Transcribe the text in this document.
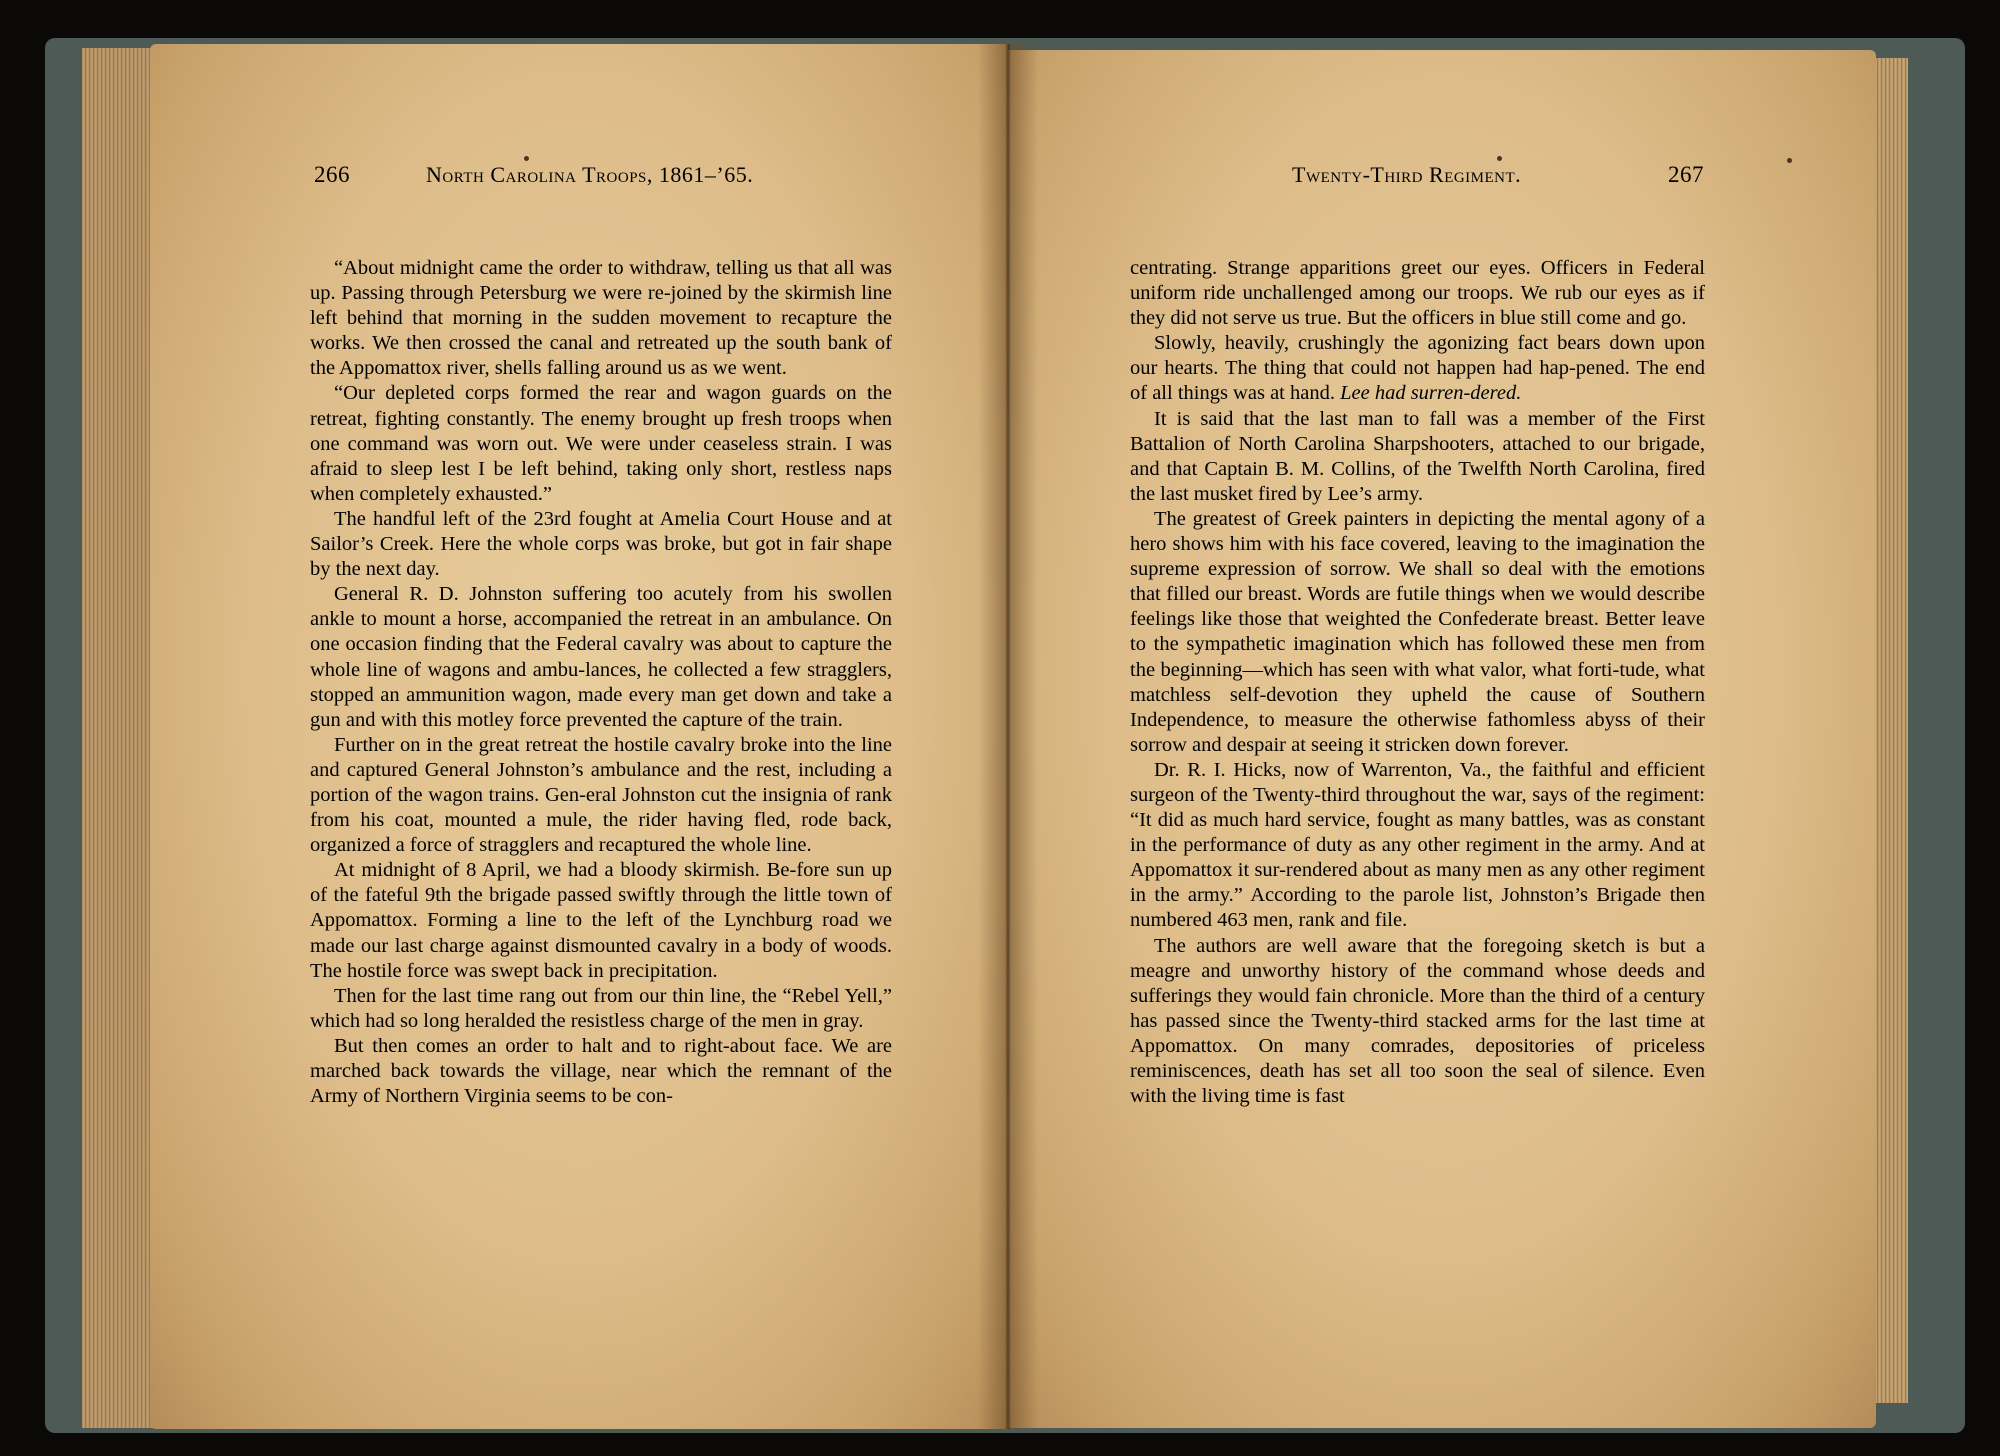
266	North Carolina Troops, 1861–’65.	Twenty-Third Regiment.	267

“About midnight came the order to withdraw, telling us that all was up. Passing through Petersburg we were re-joined by the skirmish line left behind that morning in the sudden movement to recapture the works. We then crossed the canal and retreated up the south bank of the Appomattox river, shells falling around us as we went.

“Our depleted corps formed the rear and wagon guards on the retreat, fighting constantly. The enemy brought up fresh troops when one command was worn out. We were under ceaseless strain. I was afraid to sleep lest I be left behind, taking only short, restless naps when completely exhausted.”

The handful left of the 23rd fought at Amelia Court House and at Sailor’s Creek. Here the whole corps was broke, but got in fair shape by the next day.

General R. D. Johnston suffering too acutely from his swollen ankle to mount a horse, accompanied the retreat in an ambulance. On one occasion finding that the Federal cavalry was about to capture the whole line of wagons and ambu-lances, he collected a few stragglers, stopped an ammunition wagon, made every man get down and take a gun and with this motley force prevented the capture of the train.

Further on in the great retreat the hostile cavalry broke into the line and captured General Johnston’s ambulance and the rest, including a portion of the wagon trains. Gen-eral Johnston cut the insignia of rank from his coat, mounted a mule, the rider having fled, rode back, organized a force of stragglers and recaptured the whole line.

At midnight of 8 April, we had a bloody skirmish. Be-fore sun up of the fateful 9th the brigade passed swiftly through the little town of Appomattox. Forming a line to the left of the Lynchburg road we made our last charge against dismounted cavalry in a body of woods. The hostile force was swept back in precipitation.

Then for the last time rang out from our thin line, the “Rebel Yell,” which had so long heralded the resistless charge of the men in gray.

But then comes an order to halt and to right-about face. We are marched back towards the village, near which the remnant of the Army of Northern Virginia seems to be con-

centrating. Strange apparitions greet our eyes. Officers in Federal uniform ride unchallenged among our troops. We rub our eyes as if they did not serve us true. But the officers in blue still come and go.

Slowly, heavily, crushingly the agonizing fact bears down upon our hearts. The thing that could not happen had hap-pened. The end of all things was at hand. Lee had surren-dered.

It is said that the last man to fall was a member of the First Battalion of North Carolina Sharpshooters, attached to our brigade, and that Captain B. M. Collins, of the Twelfth North Carolina, fired the last musket fired by Lee’s army.

The greatest of Greek painters in depicting the mental agony of a hero shows him with his face covered, leaving to the imagination the supreme expression of sorrow. We shall so deal with the emotions that filled our breast. Words are futile things when we would describe feelings like those that weighted the Confederate breast. Better leave to the sympathetic imagination which has followed these men from the beginning—which has seen with what valor, what forti-tude, what matchless self-devotion they upheld the cause of Southern Independence, to measure the otherwise fathomless abyss of their sorrow and despair at seeing it stricken down forever.

Dr. R. I. Hicks, now of Warrenton, Va., the faithful and efficient surgeon of the Twenty-third throughout the war, says of the regiment: “It did as much hard service, fought as many battles, was as constant in the performance of duty as any other regiment in the army. And at Appomattox it sur-rendered about as many men as any other regiment in the army.” According to the parole list, Johnston’s Brigade then numbered 463 men, rank and file.

The authors are well aware that the foregoing sketch is but a meagre and unworthy history of the command whose deeds and sufferings they would fain chronicle. More than the third of a century has passed since the Twenty-third stacked arms for the last time at Appomattox. On many comrades, depositories of priceless reminiscences, death has set all too soon the seal of silence. Even with the living time is fast
